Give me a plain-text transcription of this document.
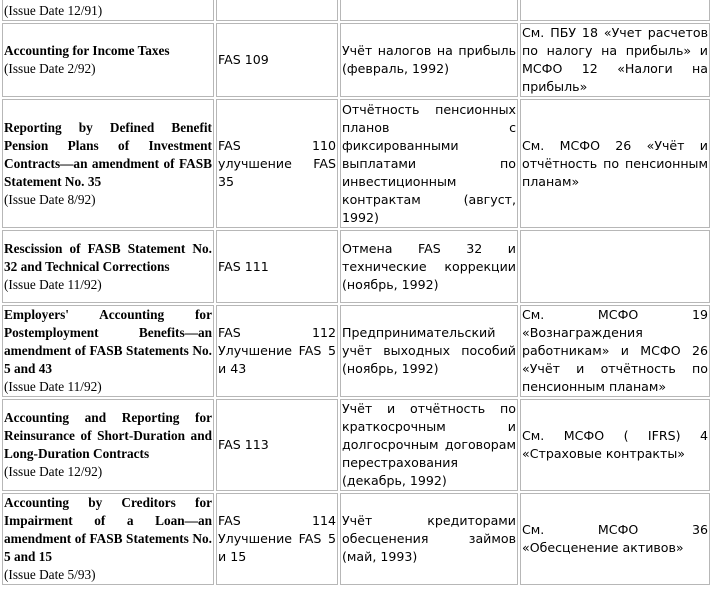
(Issue Date 12/91)			

Accounting for Income Taxes
(Issue Date 2/92)	FAS 109	Учёт налогов на прибыль (февраль, 1992)	См. ПБУ 18 «Учет расчетов по налогу на прибыль» и МСФО 12 «Налоги на прибыль»

Reporting by Defined Benefit Pension Plans of Investment Contracts—an amendment of FASB Statement No. 35
(Issue Date 8/92)	FAS 110 улучшение FAS 35	Отчётность пенсионных планов с фиксированными выплатами по инвестиционным контрактам (август, 1992)	См. МСФО 26 «Учёт и отчётность по пенсионным планам»

Rescission of FASB Statement No. 32 and Technical Corrections
(Issue Date 11/92)	FAS 111	Отмена FAS 32 и технические коррекции (ноябрь, 1992)	

Employers' Accounting for Postemployment Benefits—an amendment of FASB Statements No. 5 and 43
(Issue Date 11/92)	FAS 112 Улучшение FAS 5 и 43	Предпринимательский учёт выходных пособий (ноябрь, 1992)	См. МСФО 19 «Вознаграждения работникам» и МСФО 26 «Учёт и отчётность по пенсионным планам»

Accounting and Reporting for Reinsurance of Short-Duration and Long-Duration Contracts
(Issue Date 12/92)	FAS 113	Учёт и отчётность по краткосрочным и долгосрочным договорам перестрахования (декабрь, 1992)	См. МСФО ( IFRS) 4 «Страховые контракты»

Accounting by Creditors for Impairment of a Loan—an amendment of FASB Statements No. 5 and 15
(Issue Date 5/93)	FAS 114 Улучшение FAS 5 и 15	Учёт кредиторами обесценения займов (май, 1993)	См. МСФО 36 «Обесценение активов»
